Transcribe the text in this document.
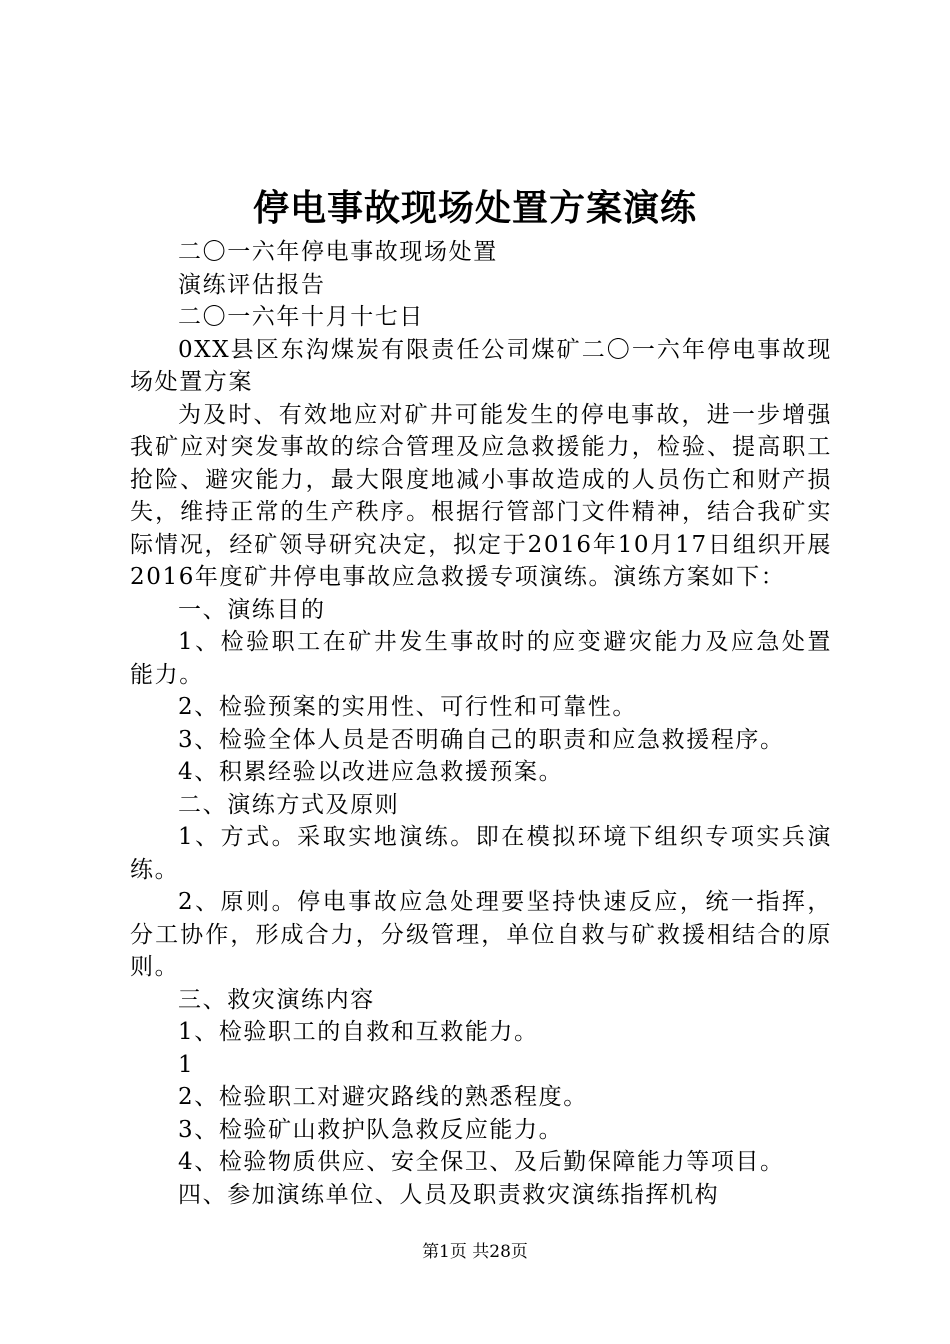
停电事故现场处置方案演练

二〇一六年停电事故现场处置

演练评估报告

二〇一六年十月十七日

0XX县区东沟煤炭有限责任公司煤矿二〇一六年停电事故现场处置方案

为及时、有效地应对矿井可能发生的停电事故，进一步增强我矿应对突发事故的综合管理及应急救援能力，检验、提高职工抢险、避灾能力，最大限度地减小事故造成的人员伤亡和财产损失，维持正常的生产秩序。根据行管部门文件精神，结合我矿实际情况，经矿领导研究决定，拟定于2016年10月17日组织开展2016年度矿井停电事故应急救援专项演练。演练方案如下：

一、演练目的

1、检验职工在矿井发生事故时的应变避灾能力及应急处置能力。

2、检验预案的实用性、可行性和可靠性。

3、检验全体人员是否明确自己的职责和应急救援程序。

4、积累经验以改进应急救援预案。

二、演练方式及原则

1、方式。采取实地演练。即在模拟环境下组织专项实兵演练。

2、原则。停电事故应急处理要坚持快速反应，统一指挥，分工协作，形成合力，分级管理，单位自救与矿救援相结合的原则。

三、救灾演练内容

1、检验职工的自救和互救能力。

1

2、检验职工对避灾路线的熟悉程度。

3、检验矿山救护队急救反应能力。

4、检验物质供应、安全保卫、及后勤保障能力等项目。

四、参加演练单位、人员及职责救灾演练指挥机构

第1页 共28页
